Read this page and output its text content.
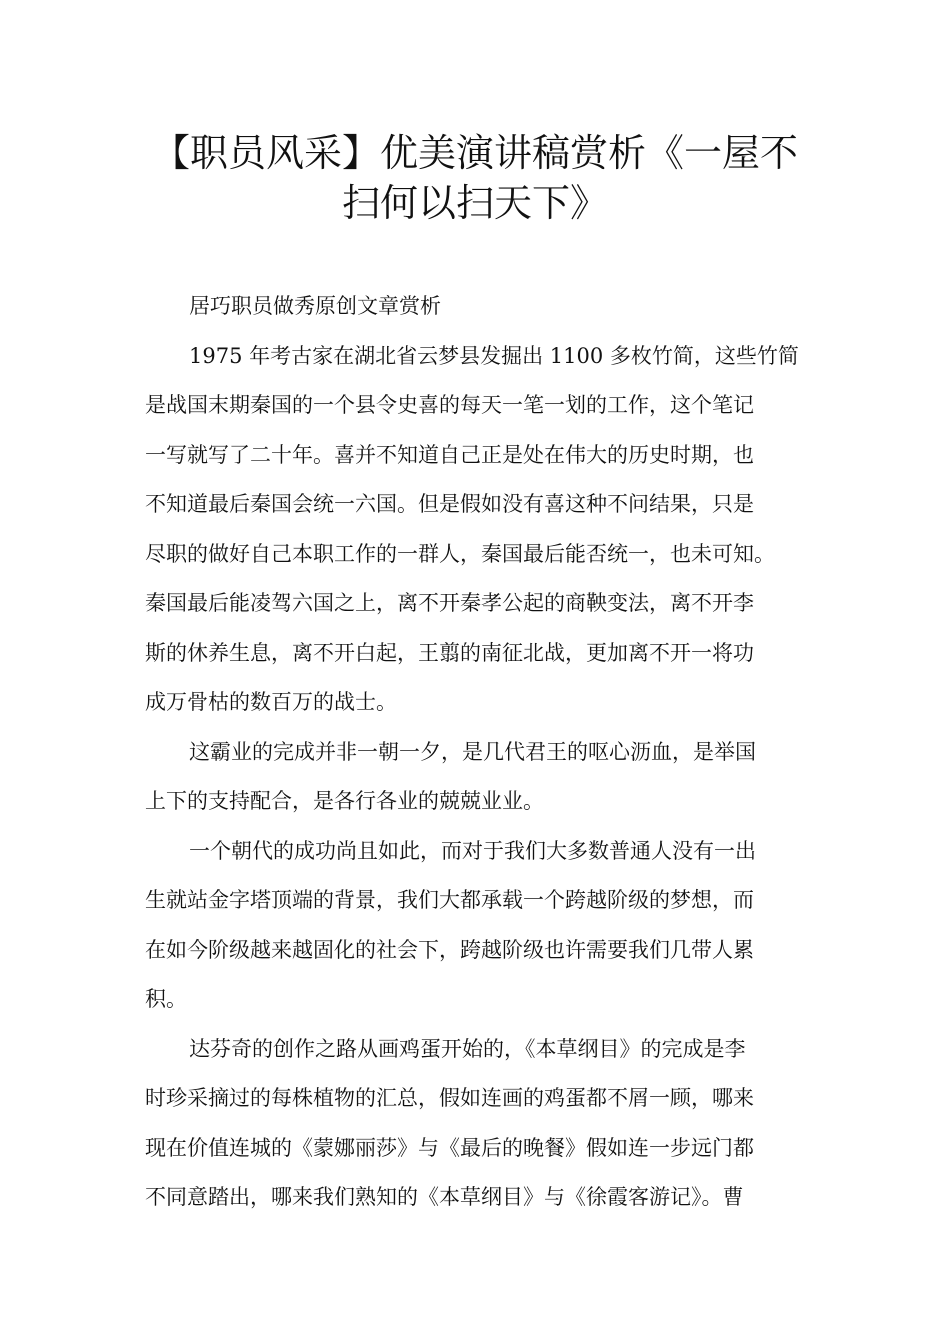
【职员风采】优美演讲稿赏析《一屋不
扫何以扫天下》
居巧职员做秀原创文章赏析
1975 年考古家在湖北省云梦县发掘出 1100 多枚竹简，这些竹简
是战国末期秦国的一个县令史喜的每天一笔一划的工作，这个笔记
一写就写了二十年。喜并不知道自己正是处在伟大的历史时期，也
不知道最后秦国会统一六国。但是假如没有喜这种不问结果，只是
尽职的做好自己本职工作的一群人，秦国最后能否统一，也未可知。
秦国最后能凌驾六国之上，离不开秦孝公起的商鞅变法，离不开李
斯的休养生息，离不开白起，王翦的南征北战，更加离不开一将功
成万骨枯的数百万的战士。
这霸业的完成并非一朝一夕，是几代君王的呕心沥血，是举国
上下的支持配合，是各行各业的兢兢业业。
一个朝代的成功尚且如此，而对于我们大多数普通人没有一出
生就站金字塔顶端的背景，我们大都承载一个跨越阶级的梦想，而
在如今阶级越来越固化的社会下，跨越阶级也许需要我们几带人累
积。
达芬奇的创作之路从画鸡蛋开始的，《本草纲目》的完成是李
时珍采摘过的每株植物的汇总，假如连画的鸡蛋都不屑一顾，哪来
现在价值连城的《蒙娜丽莎》与《最后的晚餐》假如连一步远门都
不同意踏出，哪来我们熟知的《本草纲目》与《徐霞客游记》。曹
